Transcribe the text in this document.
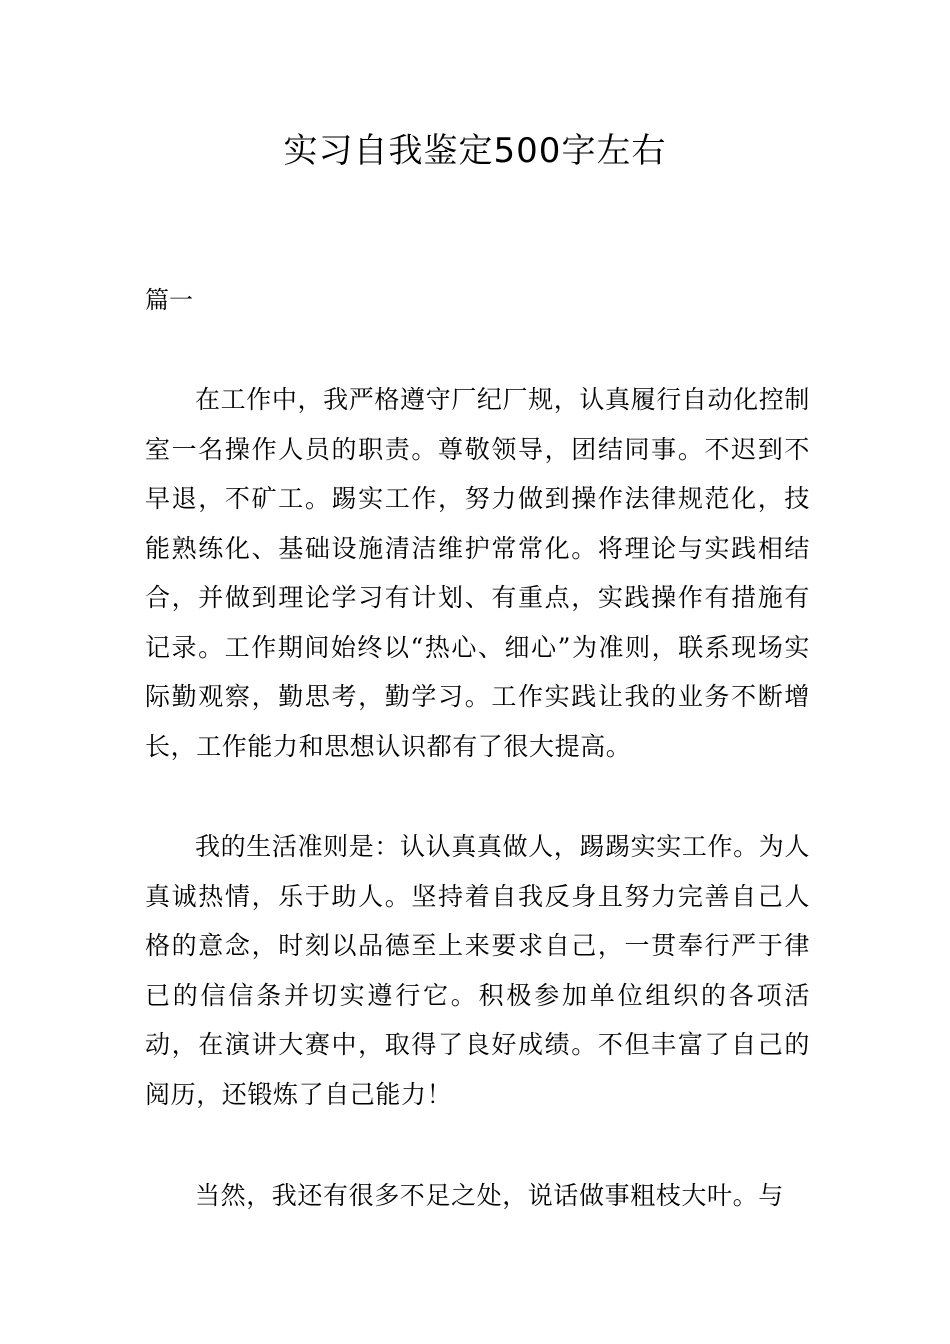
实习自我鉴定500字左右

篇一

在工作中，我严格遵守厂纪厂规，认真履行自动化控制室一名操作人员的职责。尊敬领导，团结同事。不迟到不早退，不矿工。踢实工作，努力做到操作法律规范化，技能熟练化、基础设施清洁维护常常化。将理论与实践相结合，并做到理论学习有计划、有重点，实践操作有措施有记录。工作期间始终以“热心、细心”为准则，联系现场实际勤观察，勤思考，勤学习。工作实践让我的业务不断增长，工作能力和思想认识都有了很大提高。

我的生活准则是：认认真真做人，踢踢实实工作。为人真诚热情，乐于助人。坚持着自我反身且努力完善自己人格的意念，时刻以品德至上来要求自己，一贯奉行严于律已的信信条并切实遵行它。积极参加单位组织的各项活动，在演讲大赛中，取得了良好成绩。不但丰富了自己的阅历，还锻炼了自己能力！

当然，我还有很多不足之处，说话做事粗枝大叶。与
